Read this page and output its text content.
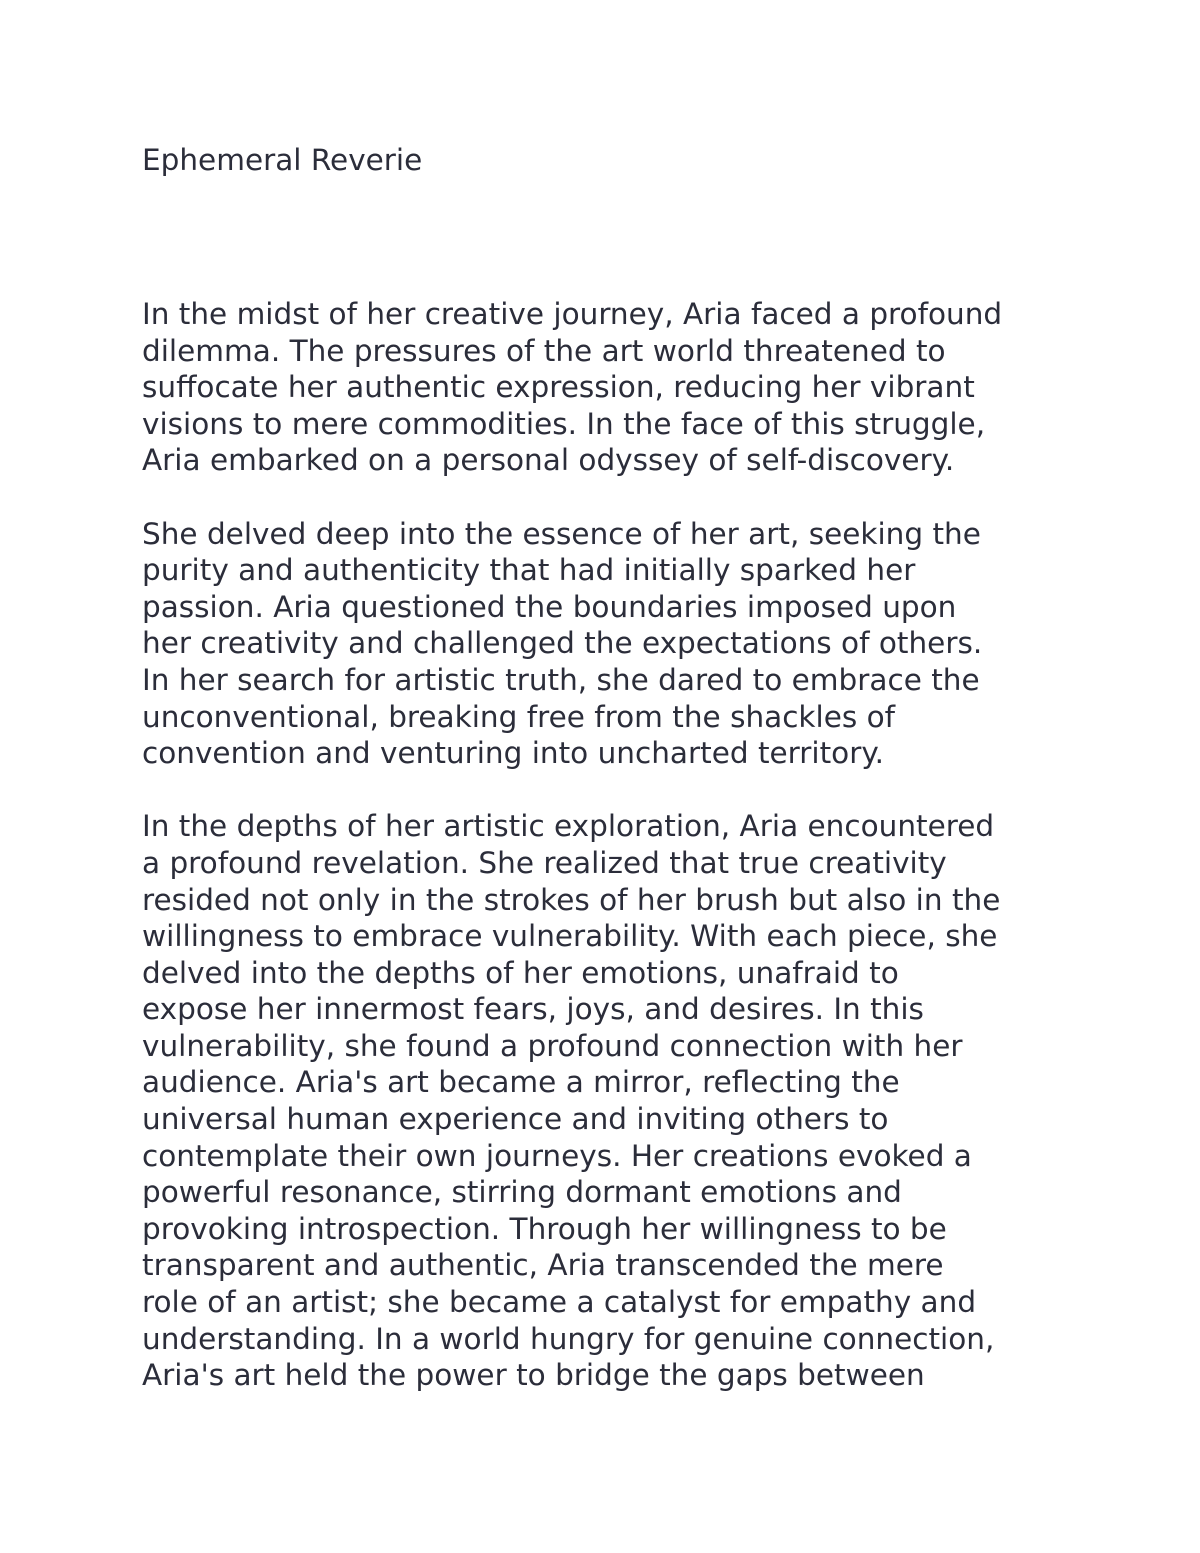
Ephemeral Reverie

In the midst of her creative journey, Aria faced a profound
dilemma. The pressures of the art world threatened to
suffocate her authentic expression, reducing her vibrant
visions to mere commodities. In the face of this struggle,
Aria embarked on a personal odyssey of self-discovery.

She delved deep into the essence of her art, seeking the
purity and authenticity that had initially sparked her
passion. Aria questioned the boundaries imposed upon
her creativity and challenged the expectations of others.
In her search for artistic truth, she dared to embrace the
unconventional, breaking free from the shackles of
convention and venturing into uncharted territory.

In the depths of her artistic exploration, Aria encountered
a profound revelation. She realized that true creativity
resided not only in the strokes of her brush but also in the
willingness to embrace vulnerability. With each piece, she
delved into the depths of her emotions, unafraid to
expose her innermost fears, joys, and desires. In this
vulnerability, she found a profound connection with her
audience. Aria's art became a mirror, reflecting the
universal human experience and inviting others to
contemplate their own journeys. Her creations evoked a
powerful resonance, stirring dormant emotions and
provoking introspection. Through her willingness to be
transparent and authentic, Aria transcended the mere
role of an artist; she became a catalyst for empathy and
understanding. In a world hungry for genuine connection,
Aria's art held the power to bridge the gaps between
